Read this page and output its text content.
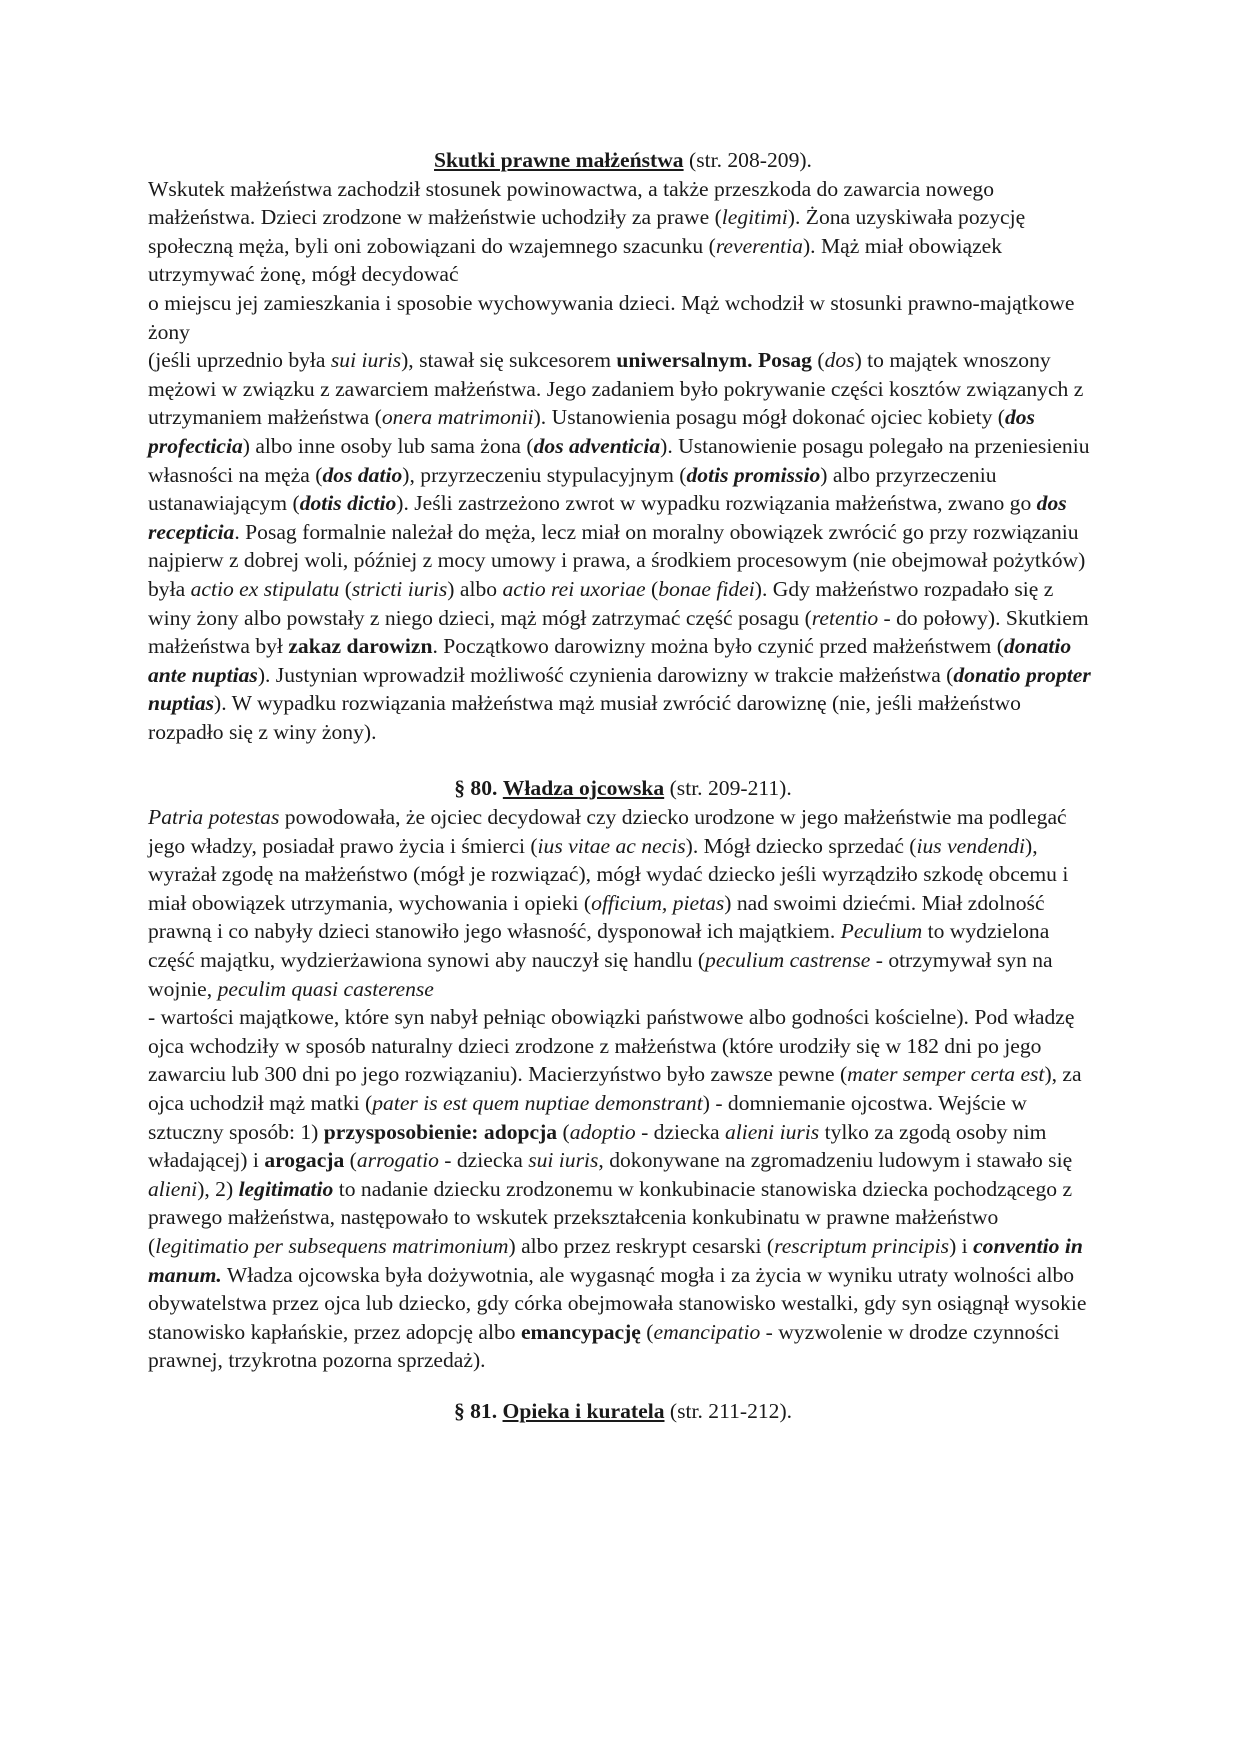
Skutki prawne małżeństwa (str. 208-209).

Wskutek małżeństwa zachodził stosunek powinowactwa, a także przeszkoda do zawarcia nowego małżeństwa. Dzieci zrodzone w małżeństwie uchodziły za prawe (legitimi). Żona uzyskiwała pozycję społeczną męża, byli oni zobowiązani do wzajemnego szacunku (reverentia). Mąż miał obowiązek utrzymywać żonę, mógł decydować
o miejscu jej zamieszkania i sposobie wychowywania dzieci. Mąż wchodził w stosunki prawno-majątkowe żony
(jeśli uprzednio była sui iuris), stawał się sukcesorem uniwersalnym. Posag (dos) to majątek wnoszony mężowi w związku z zawarciem małżeństwa. Jego zadaniem było pokrywanie części kosztów związanych z utrzymaniem małżeństwa (onera matrimonii). Ustanowienia posagu mógł dokonać ojciec kobiety (dos profecticia) albo inne osoby lub sama żona (dos adventicia). Ustanowienie posagu polegało na przeniesieniu własności na męża (dos datio), przyrzeczeniu stypulacyjnym (dotis promissio) albo przyrzeczeniu ustanawiającym (dotis dictio). Jeśli zastrzeżono zwrot w wypadku rozwiązania małżeństwa, zwano go dos recepticia. Posag formalnie należał do męża, lecz miał on moralny obowiązek zwrócić go przy rozwiązaniu najpierw z dobrej woli, później z mocy umowy i prawa, a środkiem procesowym (nie obejmował pożytków) była actio ex stipulatu (stricti iuris) albo actio rei uxoriae (bonae fidei). Gdy małżeństwo rozpadało się z winy żony albo powstały z niego dzieci, mąż mógł zatrzymać część posagu (retentio - do połowy). Skutkiem małżeństwa był zakaz darowizn. Początkowo darowizny można było czynić przed małżeństwem (donatio ante nuptias). Justynian wprowadził możliwość czynienia darowizny w trakcie małżeństwa (donatio propter nuptias). W wypadku rozwiązania małżeństwa mąż musiał zwrócić darowiznę (nie, jeśli małżeństwo rozpadło się z winy żony).

§ 80. Władza ojcowska (str. 209-211).

Patria potestas powodowała, że ojciec decydował czy dziecko urodzone w jego małżeństwie ma podlegać jego władzy, posiadał prawo życia i śmierci (ius vitae ac necis). Mógł dziecko sprzedać (ius vendendi), wyrażał zgodę na małżeństwo (mógł je rozwiązać), mógł wydać dziecko jeśli wyrządziło szkodę obcemu i miał obowiązek utrzymania, wychowania i opieki (officium, pietas) nad swoimi dziećmi. Miał zdolność prawną i co nabyły dzieci stanowiło jego własność, dysponował ich majątkiem. Peculium to wydzielona część majątku, wydzierżawiona synowi aby nauczył się handlu (peculium castrense - otrzymywał syn na wojnie, peculim quasi casterense
- wartości majątkowe, które syn nabył pełniąc obowiązki państwowe albo godności kościelne). Pod władzę ojca wchodziły w sposób naturalny dzieci zrodzone z małżeństwa (które urodziły się w 182 dni po jego zawarciu lub 300 dni po jego rozwiązaniu). Macierzyństwo było zawsze pewne (mater semper certa est), za ojca uchodził mąż matki (pater is est quem nuptiae demonstrant) - domniemanie ojcostwa. Wejście w sztuczny sposób: 1) przysposobienie: adopcja (adoptio - dziecka alieni iuris tylko za zgodą osoby nim władającej) i arogacja (arrogatio - dziecka sui iuris, dokonywane na zgromadzeniu ludowym i stawało się alieni), 2) legitimatio to nadanie dziecku zrodzonemu w konkubinacie stanowiska dziecka pochodzącego z prawego małżeństwa, następowało to wskutek przekształcenia konkubinatu w prawne małżeństwo (legitimatio per subsequens matrimonium) albo przez reskrypt cesarski (rescriptum principis) i conventio in manum. Władza ojcowska była dożywotnia, ale wygasnąć mogła i za życia w wyniku utraty wolności albo obywatelstwa przez ojca lub dziecko, gdy córka obejmowała stanowisko westalki, gdy syn osiągnął wysokie stanowisko kapłańskie, przez adopcję albo emancypację (emancipatio - wyzwolenie w drodze czynności prawnej, trzykrotna pozorna sprzedaż).

§ 81. Opieka i kuratela (str. 211-212).
